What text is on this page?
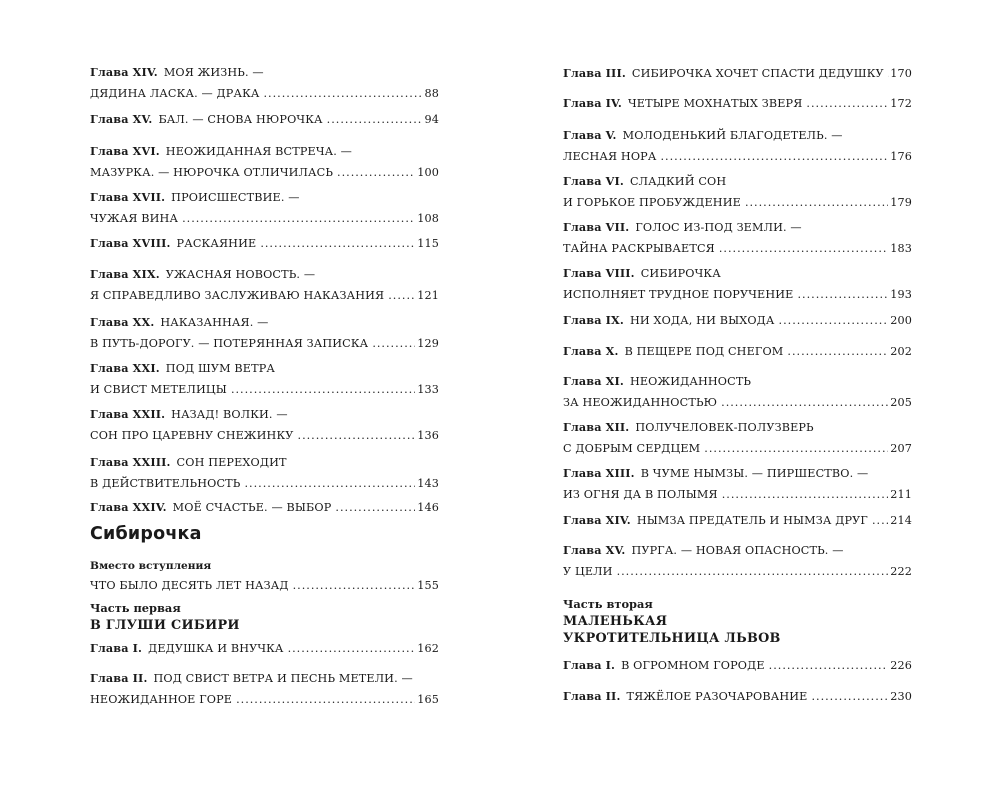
Глава XIV. МОЯ ЖИЗНЬ. —
ДЯДИНА ЛАСКА. — ДРАКА .....	88
Глава XV. БАЛ. — СНОВА НЮРОЧКА .....	94
Глава XVI. НЕОЖИДАННАЯ ВСТРЕЧА. —
МАЗУРКА. — НЮРОЧКА ОТЛИЧИЛАСЬ .....	100
Глава XVII. ПРОИСШЕСТВИЕ. —
ЧУЖАЯ ВИНА .....	108
Глава XVIII. РАСКАЯНИЕ .....	115
Глава XIX. УЖАСНАЯ НОВОСТЬ. —
Я СПРАВЕДЛИВО ЗАСЛУЖИВАЮ НАКАЗАНИЯ .....	121
Глава XX. НАКАЗАННАЯ. —
В ПУТЬ-ДОРОГУ. — ПОТЕРЯННАЯ ЗАПИСКА .....	129
Глава XXI. ПОД ШУМ ВЕТРА
И СВИСТ МЕТЕЛИЦЫ .....	133
Глава XXII. НАЗАД! ВОЛКИ. —
СОН ПРО ЦАРЕВНУ СНЕЖИНКУ .....	136
Глава XXIII. СОН ПЕРЕХОДИТ
В ДЕЙСТВИТЕЛЬНОСТЬ .....	143
Глава XXIV. МОЁ СЧАСТЬЕ. — ВЫБОР .....	146
Сибирочка
Вместо вступления
ЧТО БЫЛО ДЕСЯТЬ ЛЕТ НАЗАД .....	155
Часть первая
В ГЛУШИ СИБИРИ
Глава I. ДЕДУШКА И ВНУЧКА .....	162
Глава II. ПОД СВИСТ ВЕТРА И ПЕСНЬ МЕТЕЛИ. —
НЕОЖИДАННОЕ ГОРЕ .....	165
Глава III. СИБИРОЧКА ХОЧЕТ СПАСТИ ДЕДУШКУ ..... 170
Глава IV. ЧЕТЫРЕ МОХНАТЫХ ЗВЕРЯ .....	172
Глава V. МОЛОДЕНЬКИЙ БЛАГОДЕТЕЛЬ. —
ЛЕСНАЯ НОРА .....	176
Глава VI. СЛАДКИЙ СОН
И ГОРЬКОЕ ПРОБУЖДЕНИЕ .....	179
Глава VII. ГОЛОС ИЗ-ПОД ЗЕМЛИ. —
ТАЙНА РАСКРЫВАЕТСЯ .....	183
Глава VIII. СИБИРОЧКА
ИСПОЛНЯЕТ ТРУДНОЕ ПОРУЧЕНИЕ .....	193
Глава IX. НИ ХОДА, НИ ВЫХОДА .....	200
Глава X. В ПЕЩЕРЕ ПОД СНЕГОМ .....	202
Глава XI. НЕОЖИДАННОСТЬ
ЗА НЕОЖИДАННОСТЬЮ .....	205
Глава XII. ПОЛУЧЕЛОВЕК-ПОЛУЗВЕРЬ
С ДОБРЫМ СЕРДЦЕМ .....	207
Глава XIII. В ЧУМЕ НЫМЗЫ. — ПИРШЕСТВО. —
ИЗ ОГНЯ ДА В ПОЛЫМЯ .....	211
Глава XIV. НЫМЗА ПРЕДАТЕЛЬ И НЫМЗА ДРУГ ..... 214
Глава XV. ПУРГА. — НОВАЯ ОПАСНОСТЬ. —
У ЦЕЛИ .....	222
Часть вторая
МАЛЕНЬКАЯ
УКРОТИТЕЛЬНИЦА ЛЬВОВ
Глава I. В ОГРОМНОМ ГОРОДЕ .....	226
Глава II. ТЯЖЁЛОЕ РАЗОЧАРОВАНИЕ .....	230
